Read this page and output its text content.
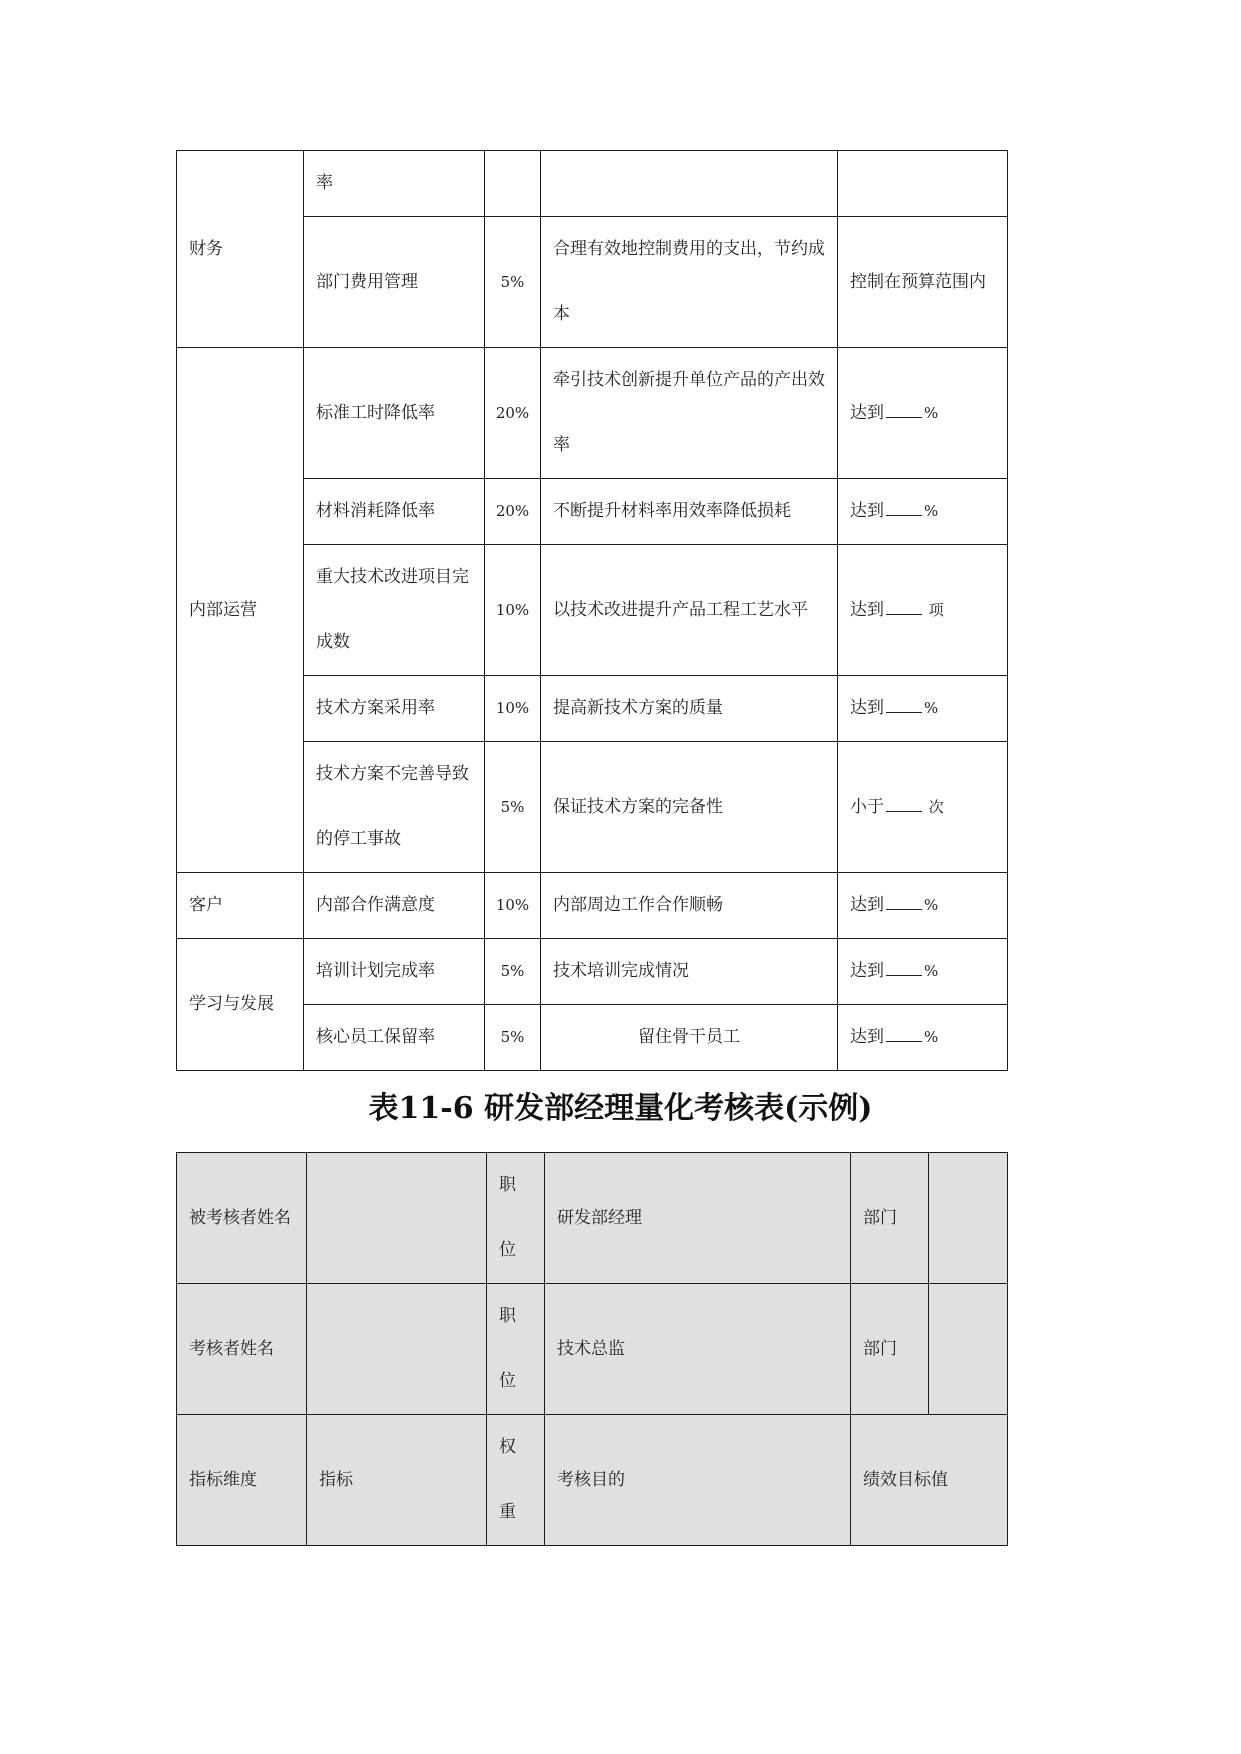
财务	率			
	部门费用管理	5%	合理有效地控制费用的支出，节约成本	控制在预算范围内
内部运营	标准工时降低率	20%	牵引技术创新提升单位产品的产出效率	达到 %
	材料消耗降低率	20%	不断提升材料率用效率降低损耗	达到 %
	重大技术改进项目完成数	10%	以技术改进提升产品工程工艺水平	达到 项
	技术方案采用率	10%	提高新技术方案的质量	达到 %
	技术方案不完善导致的停工事故	5%	保证技术方案的完备性	小于 次
客户	内部合作满意度	10%	内部周边工作合作顺畅	达到 %
学习与发展	培训计划完成率	5%	技术培训完成情况	达到 %
	核心员工保留率	5%	留住骨干员工	达到 %
表11-6 研发部经理量化考核表(示例)
被考核者姓名		职位	研发部经理	部门	
考核者姓名		职位	技术总监	部门	
指标维度	指标	权重	考核目的	绩效目标值	
